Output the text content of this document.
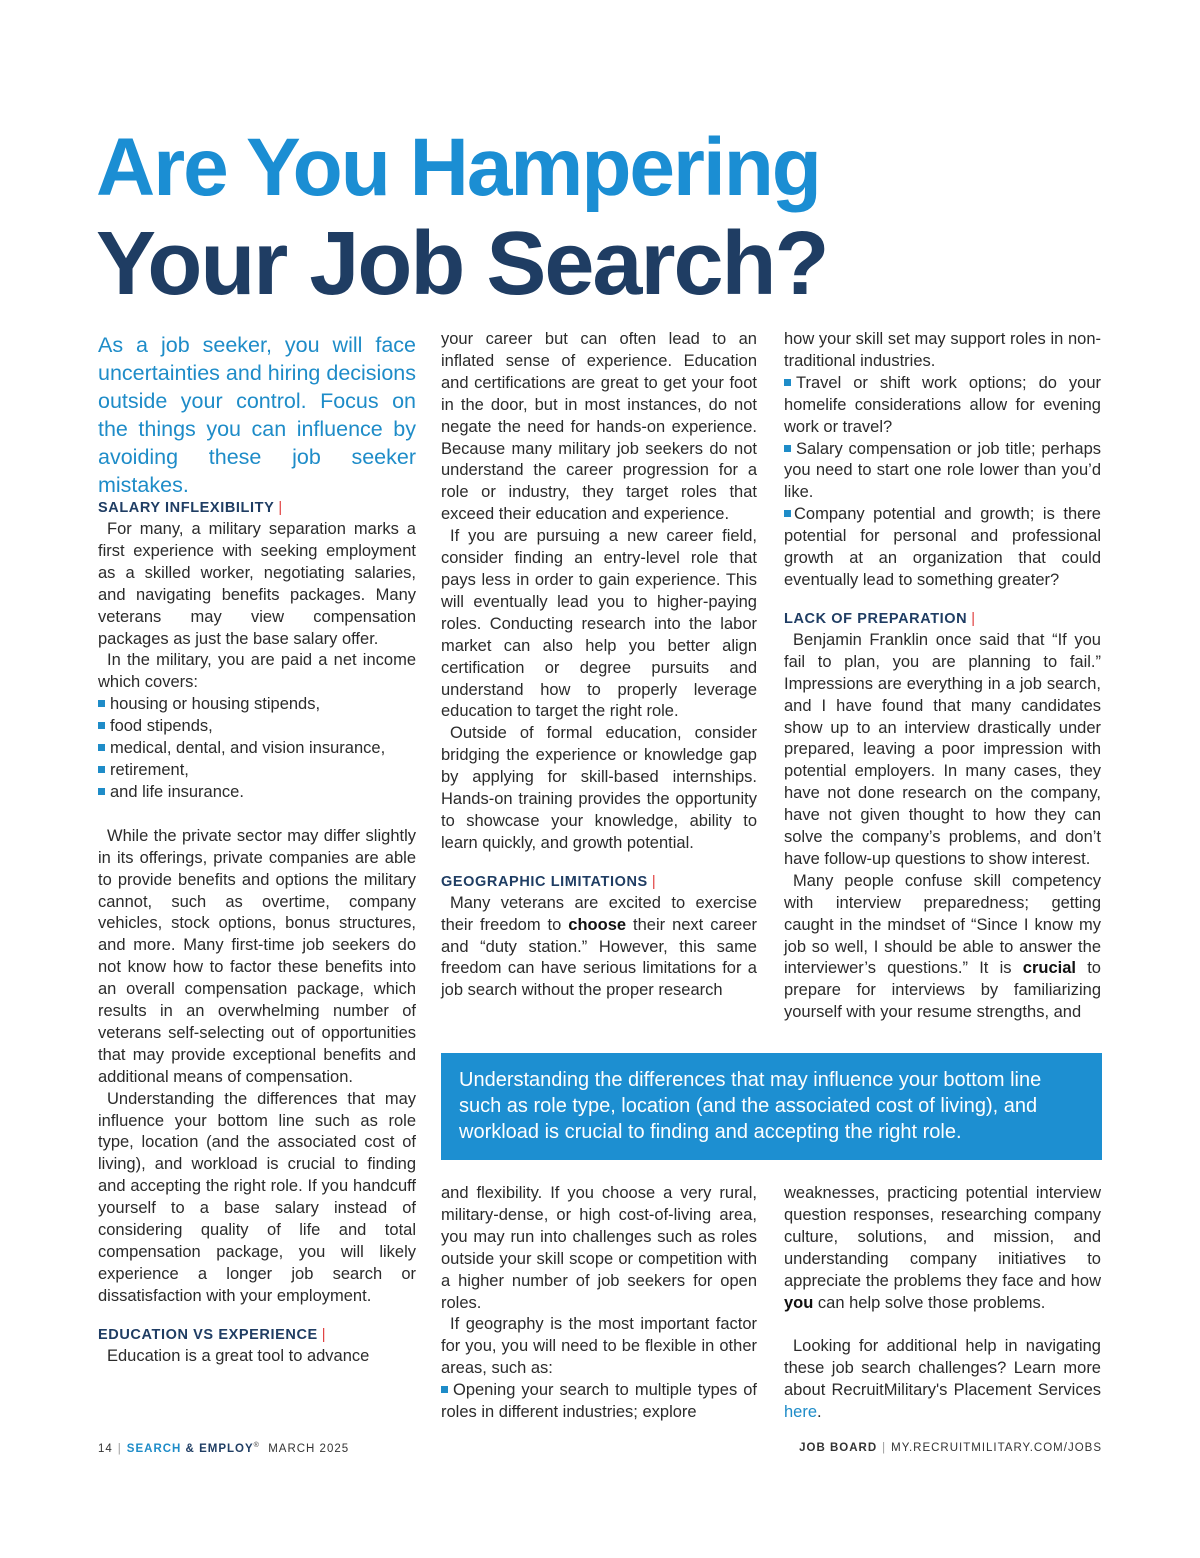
Are You Hampering
Your Job Search?

As a job seeker, you will face uncertainties and hiring decisions outside your control. Focus on the things you can influence by avoiding these job seeker mistakes.

SALARY INFLEXIBILITY |

For many, a military separation marks a first experience with seeking employment as a skilled worker, negotiating salaries, and navigating benefits packages. Many veterans may view compensation packages as just the base salary offer.

In the military, you are paid a net income which covers:

housing or housing stipends,

food stipends,

medical, dental, and vision insurance,

retirement,

and life insurance.

While the private sector may differ slightly in its offerings, private companies are able to provide benefits and options the military cannot, such as overtime, company vehicles, stock options, bonus structures, and more. Many first-time job seekers do not know how to factor these benefits into an overall compensation package, which results in an overwhelming number of veterans self-selecting out of opportunities that may provide exceptional benefits and additional means of compensation.

Understanding the differences that may influence your bottom line such as role type, location (and the associated cost of living), and workload is crucial to finding and accepting the right role. If you handcuff yourself to a base salary instead of considering quality of life and total compensation package, you will likely experience a longer job search or dissatisfaction with your employment.

EDUCATION VS EXPERIENCE |

Education is a great tool to advance

your career but can often lead to an inflated sense of experience. Education and certifications are great to get your foot in the door, but in most instances, do not negate the need for hands-on experience. Because many military job seekers do not understand the career progression for a role or industry, they target roles that exceed their education and experience.

If you are pursuing a new career field, consider finding an entry-level role that pays less in order to gain experience. This will eventually lead you to higher-paying roles. Conducting research into the labor market can also help you better align certification or degree pursuits and understand how to properly leverage education to target the right role.

Outside of formal education, consider bridging the experience or knowledge gap by applying for skill-based internships. Hands-on training provides the opportunity to showcase your knowledge, ability to learn quickly, and growth potential.

GEOGRAPHIC LIMITATIONS |

Many veterans are excited to exercise their freedom to choose their next career and “duty station.” However, this same freedom can have serious limitations for a job search without the proper research

how your skill set may support roles in non-traditional industries.

Travel or shift work options; do your homelife considerations allow for evening work or travel?

Salary compensation or job title; perhaps you need to start one role lower than you’d like.

Company potential and growth; is there potential for personal and professional growth at an organization that could eventually lead to something greater?

LACK OF PREPARATION |

Benjamin Franklin once said that “If you fail to plan, you are planning to fail.” Impressions are everything in a job search, and I have found that many candidates show up to an interview drastically under prepared, leaving a poor impression with potential employers. In many cases, they have not done research on the company, have not given thought to how they can solve the company’s problems, and don’t have follow-up questions to show interest.

Many people confuse skill competency with interview preparedness; getting caught in the mindset of “Since I know my job so well, I should be able to answer the interviewer’s questions.” It is crucial to prepare for interviews by familiarizing yourself with your resume strengths, and

Understanding the differences that may influence your bottom line such as role type, location (and the associated cost of living), and workload is crucial to finding and accepting the right role.

and flexibility. If you choose a very rural, military-dense, or high cost-of-living area, you may run into challenges such as roles outside your skill scope or competition with a higher number of job seekers for open roles.

If geography is the most important factor for you, you will need to be flexible in other areas, such as:

Opening your search to multiple types of roles in different industries; explore

weaknesses, practicing potential interview question responses, researching company culture, solutions, and mission, and understanding company initiatives to appreciate the problems they face and how you can help solve those problems.

Looking for additional help in navigating these job search challenges? Learn more about RecruitMilitary's Placement Services here.

14 | SEARCH & EMPLOY® MARCH 2025	JOB BOARD | MY.RECRUITMILITARY.COM/JOBS
